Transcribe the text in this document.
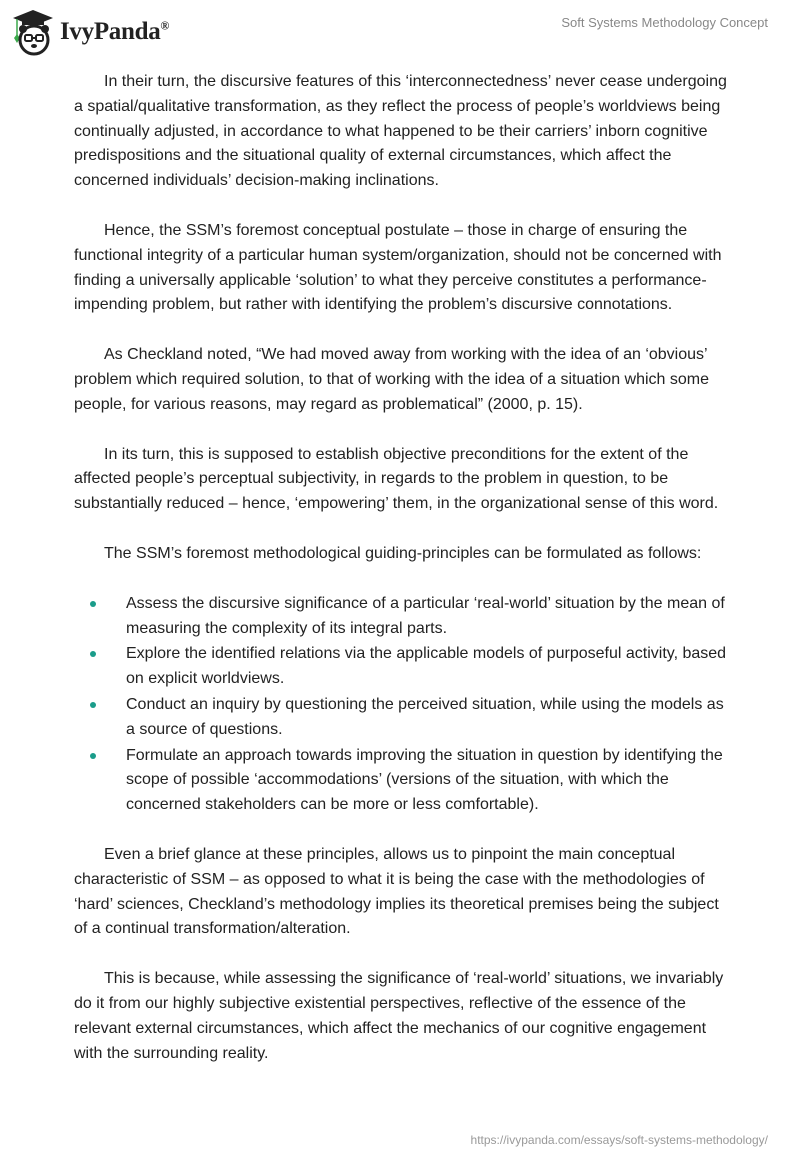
IvyPanda®	Soft Systems Methodology Concept

In their turn, the discursive features of this ‘interconnectedness’ never cease undergoing a spatial/qualitative transformation, as they reflect the process of people’s worldviews being continually adjusted, in accordance to what happened to be their carriers’ inborn cognitive predispositions and the situational quality of external circumstances, which affect the concerned individuals’ decision-making inclinations.

Hence, the SSM’s foremost conceptual postulate – those in charge of ensuring the functional integrity of a particular human system/organization, should not be concerned with finding a universally applicable ‘solution’ to what they perceive constitutes a performance-impending problem, but rather with identifying the problem’s discursive connotations.

As Checkland noted, “We had moved away from working with the idea of an ‘obvious’ problem which required solution, to that of working with the idea of a situation which some people, for various reasons, may regard as problematical” (2000, p. 15).

In its turn, this is supposed to establish objective preconditions for the extent of the affected people’s perceptual subjectivity, in regards to the problem in question, to be substantially reduced – hence, ‘empowering’ them, in the organizational sense of this word.

The SSM’s foremost methodological guiding-principles can be formulated as follows:

Assess the discursive significance of a particular ‘real-world’ situation by the mean of measuring the complexity of its integral parts.
Explore the identified relations via the applicable models of purposeful activity, based on explicit worldviews.
Conduct an inquiry by questioning the perceived situation, while using the models as a source of questions.
Formulate an approach towards improving the situation in question by identifying the scope of possible ‘accommodations’ (versions of the situation, with which the concerned stakeholders can be more or less comfortable).

Even a brief glance at these principles, allows us to pinpoint the main conceptual characteristic of SSM – as opposed to what it is being the case with the methodologies of ‘hard’ sciences, Checkland’s methodology implies its theoretical premises being the subject of a continual transformation/alteration.

This is because, while assessing the significance of ‘real-world’ situations, we invariably do it from our highly subjective existential perspectives, reflective of the essence of the relevant external circumstances, which affect the mechanics of our cognitive engagement with the surrounding reality.

https://ivypanda.com/essays/soft-systems-methodology/
